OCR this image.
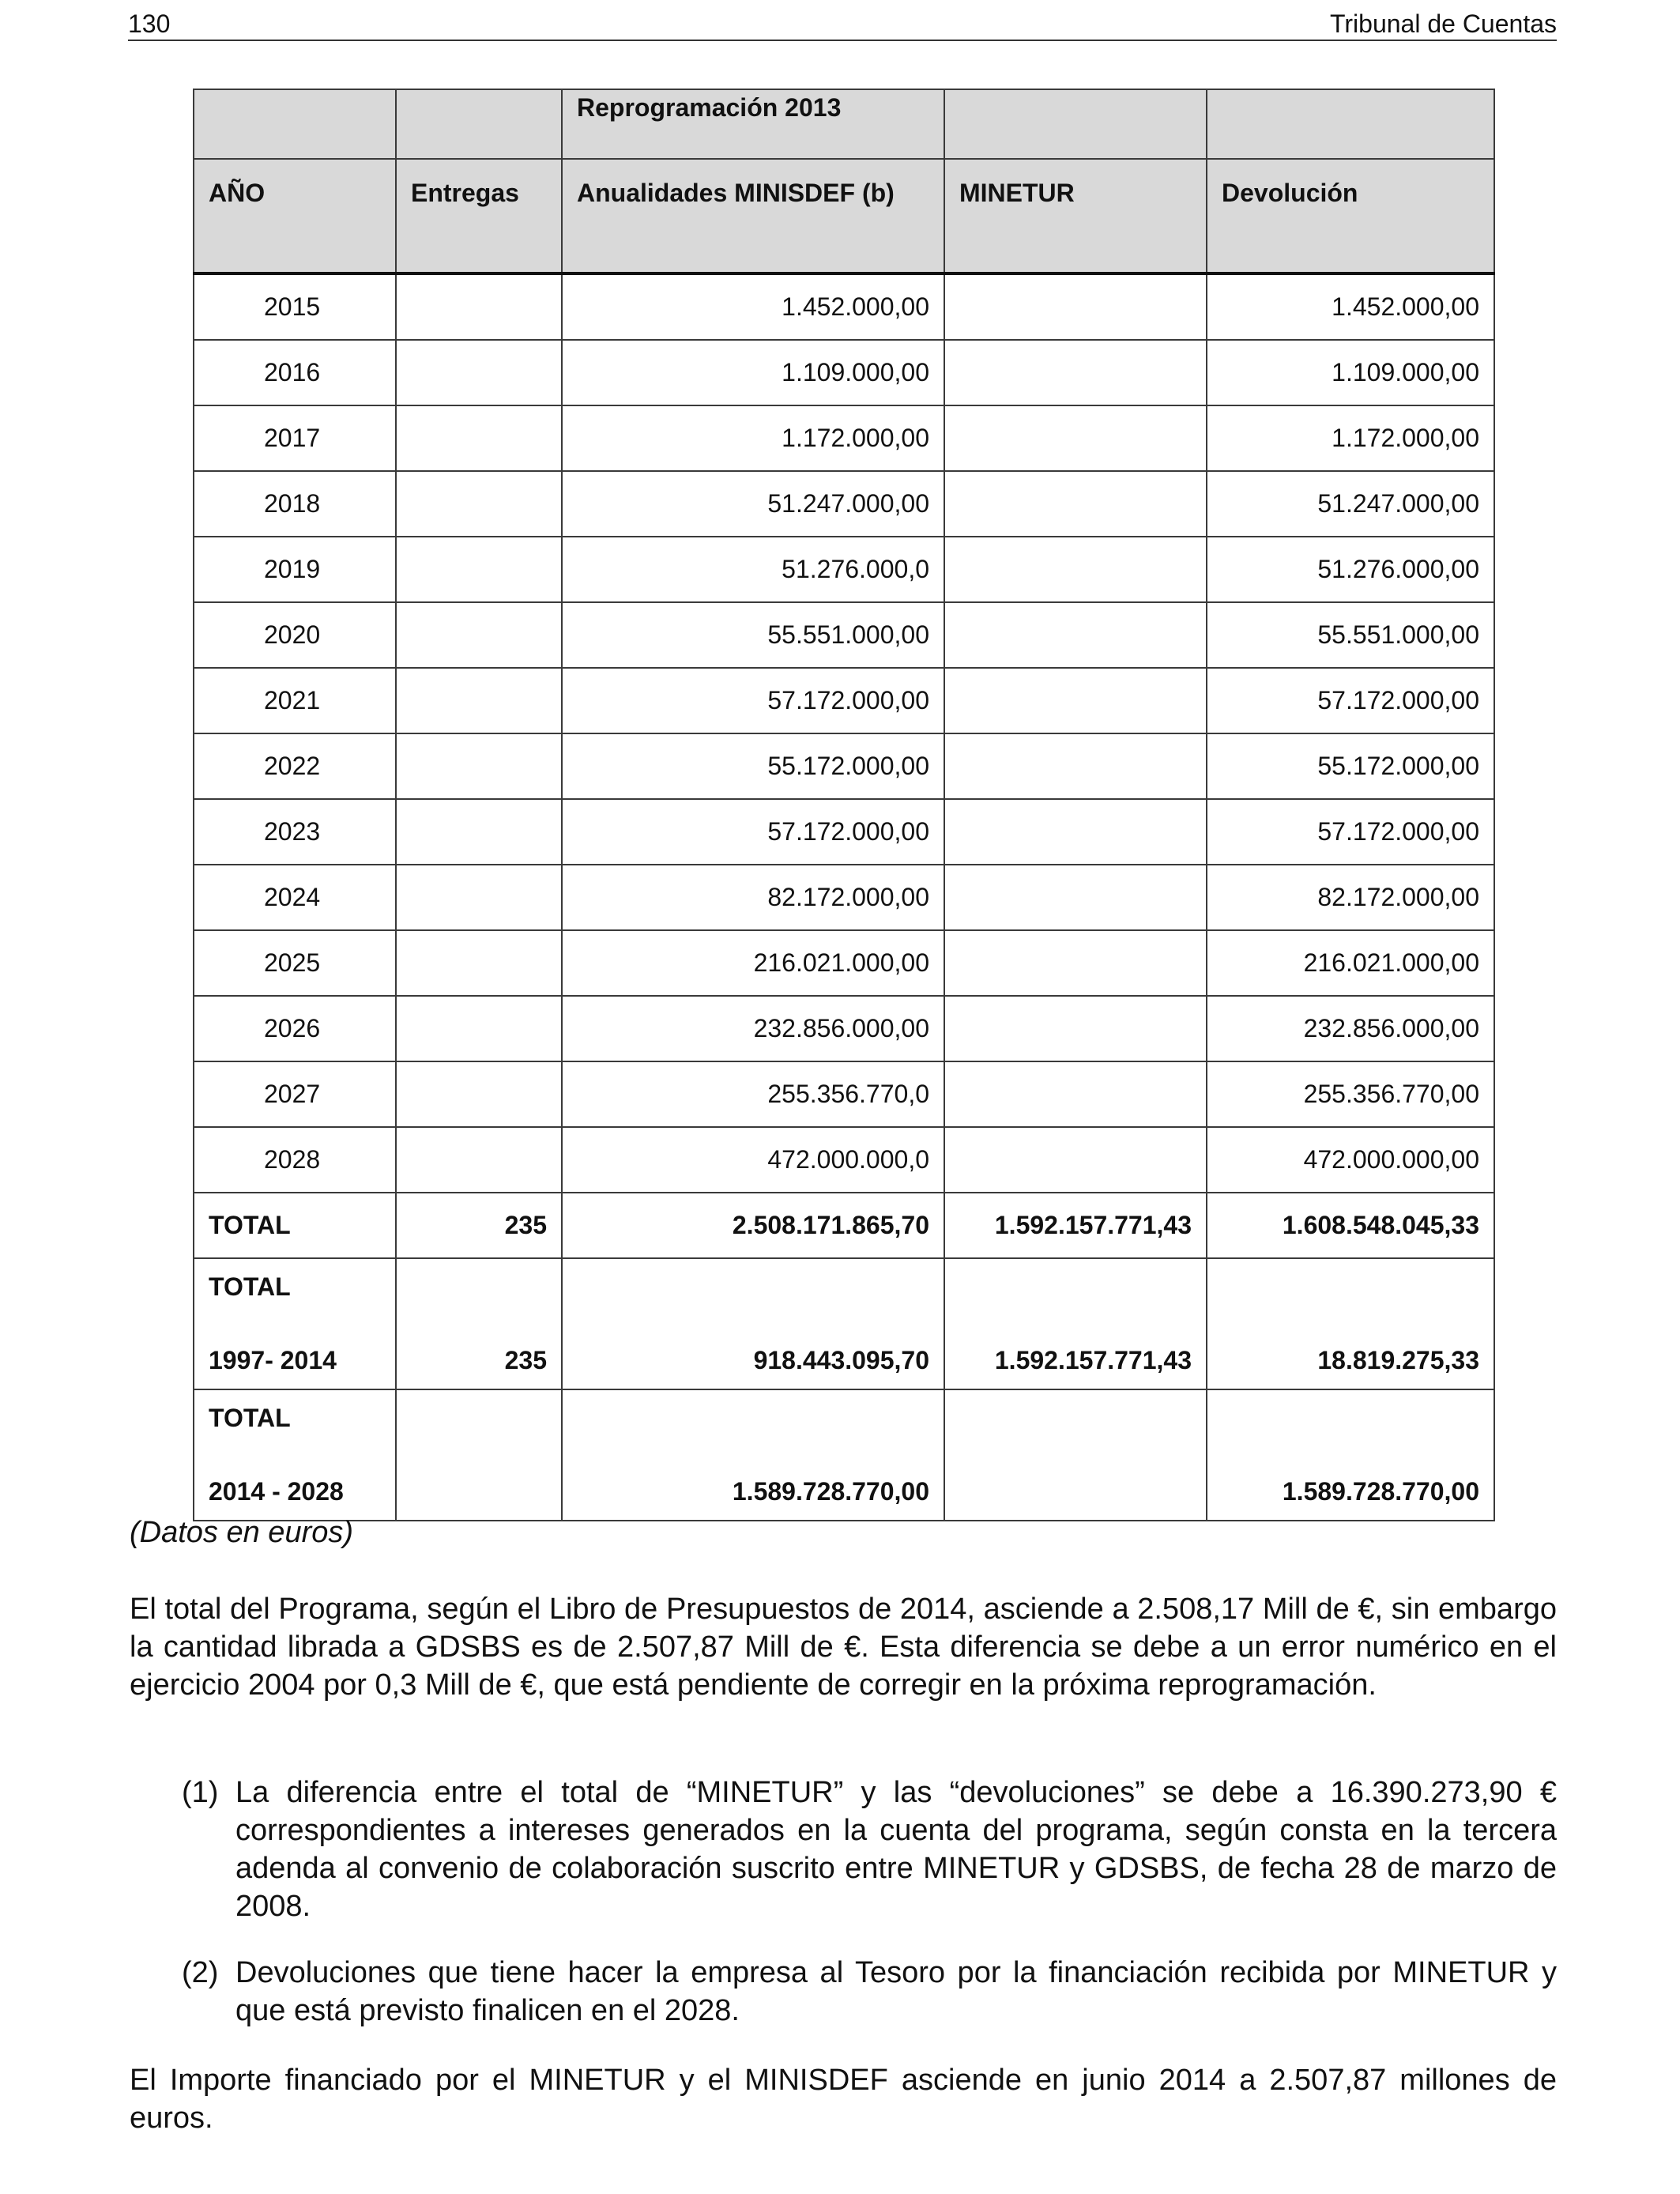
130	Tribunal de Cuentas
		Reprogramación 2013		
AÑO	Entregas	Anualidades MINISDEF (b)	MINETUR	Devolución
2015		1.452.000,00		1.452.000,00
2016		1.109.000,00		1.109.000,00
2017		1.172.000,00		1.172.000,00
2018		51.247.000,00		51.247.000,00
2019		51.276.000,0		51.276.000,00
2020		55.551.000,00		55.551.000,00
2021		57.172.000,00		57.172.000,00
2022		55.172.000,00		55.172.000,00
2023		57.172.000,00		57.172.000,00
2024		82.172.000,00		82.172.000,00
2025		216.021.000,00		216.021.000,00
2026		232.856.000,00		232.856.000,00
2027		255.356.770,0		255.356.770,00
2028		472.000.000,0		472.000.000,00
TOTAL	235	2.508.171.865,70	1.592.157.771,43	1.608.548.045,33

TOTAL
1997- 2014	235	918.443.095,70	1.592.157.771,43	18.819.275,33

TOTAL
2014 - 2028		1.589.728.770,00		1.589.728.770,00
(Datos en euros)

El total del Programa, según el Libro de Presupuestos de 2014, asciende a 2.508,17 Mill de €, sin embargo la cantidad librada a GDSBS es de 2.507,87 Mill de €. Esta diferencia se debe a un error numérico en el ejercicio 2004 por 0,3 Mill de €, que está pendiente de corregir en la próxima reprogramación.

(1) La diferencia entre el total de “MINETUR” y las “devoluciones” se debe a 16.390.273,90 € correspondientes a intereses generados en la cuenta del programa, según consta en la tercera adenda al convenio de colaboración suscrito entre MINETUR y GDSBS, de fecha 28 de marzo de 2008.
(2) Devoluciones que tiene hacer la empresa al Tesoro por la financiación recibida por MINETUR y que está previsto finalicen en el 2028.

El Importe financiado por el MINETUR y el MINISDEF asciende en junio 2014 a 2.507,87 millones de euros.
